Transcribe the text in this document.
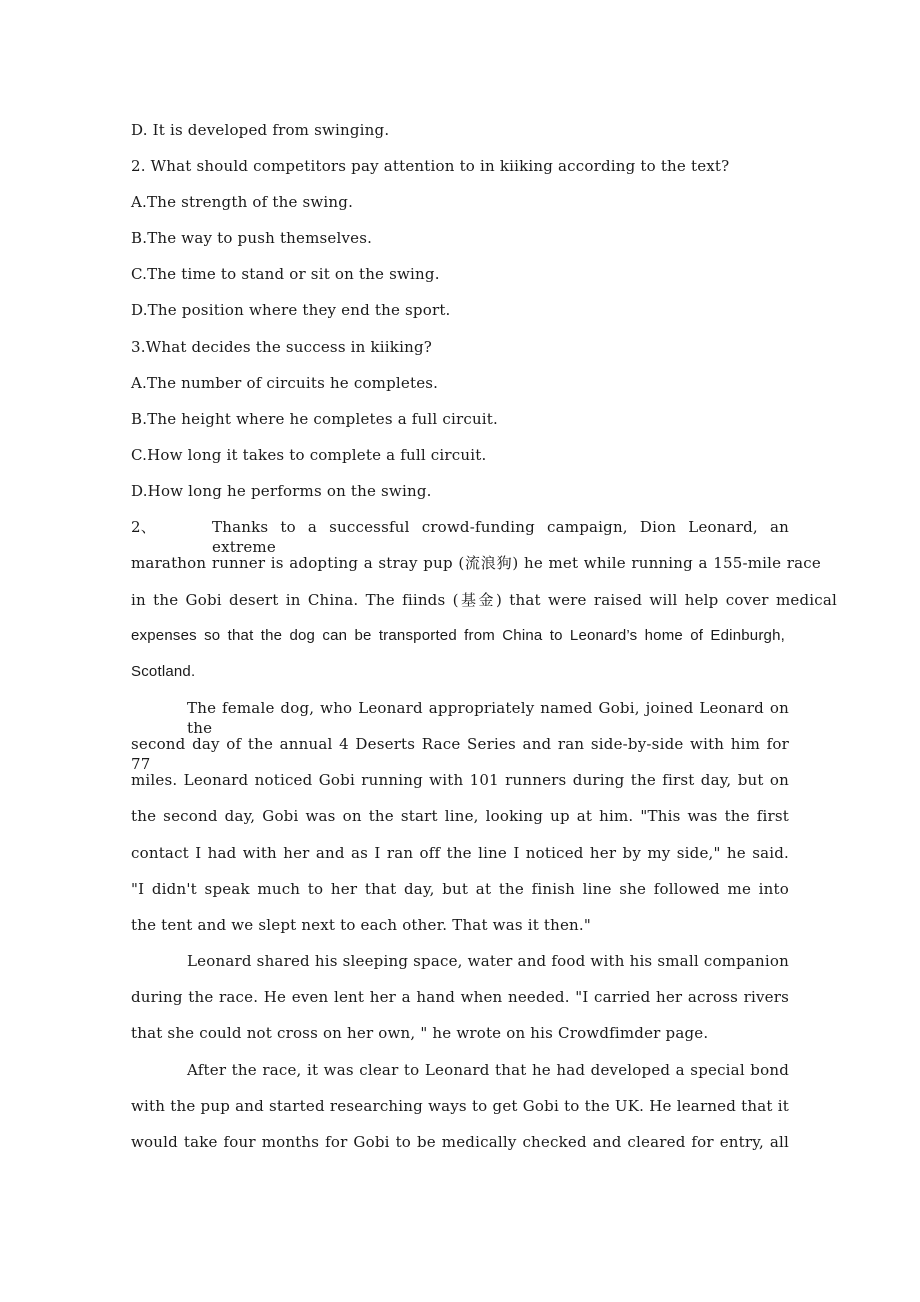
D. It is developed from swinging.
2. What should competitors pay attention to in kiiking according to the text?
A.The strength of the swing.
B.The way to push themselves.
C.The time to stand or sit on the swing.
D.The position where they end the sport.
3.What decides the success in kiiking?
A.The number of circuits he completes.
B.The height where he completes a full circuit.
C.How long it takes to complete a full circuit.
D.How long he performs on the swing.
2、	Thanks to a successful crowd-funding campaign, Dion Leonard, an extreme
marathon runner is adopting a stray pup (流浪狗) he met while running a 155-mile race
in the Gobi desert in China. The fiinds (基金) that were raised will help cover medical
expenses so that the dog can be transported from China to Leonard’s home of Edinburgh,
Scotland.
The female dog, who Leonard appropriately named Gobi, joined Leonard on the
second day of the annual 4 Deserts Race Series and ran side-by-side with him for 77
miles. Leonard noticed Gobi running with 101 runners during the first day, but on
the second day, Gobi was on the start line, looking up at him. "This was the first
contact I had with her and as I ran off the line I noticed her by my side," he said.
"I didn't speak much to her that day, but at the finish line she followed me into
the tent and we slept next to each other. That was it then."
Leonard shared his sleeping space, water and food with his small companion
during the race. He even lent her a hand when needed. "I carried her across rivers
that she could not cross on her own, " he wrote on his Crowdfimder page.
After the race, it was clear to Leonard that he had developed a special bond
with the pup and started researching ways to get Gobi to the UK. He learned that it
would take four months for Gobi to be medically checked and cleared for entry, all
